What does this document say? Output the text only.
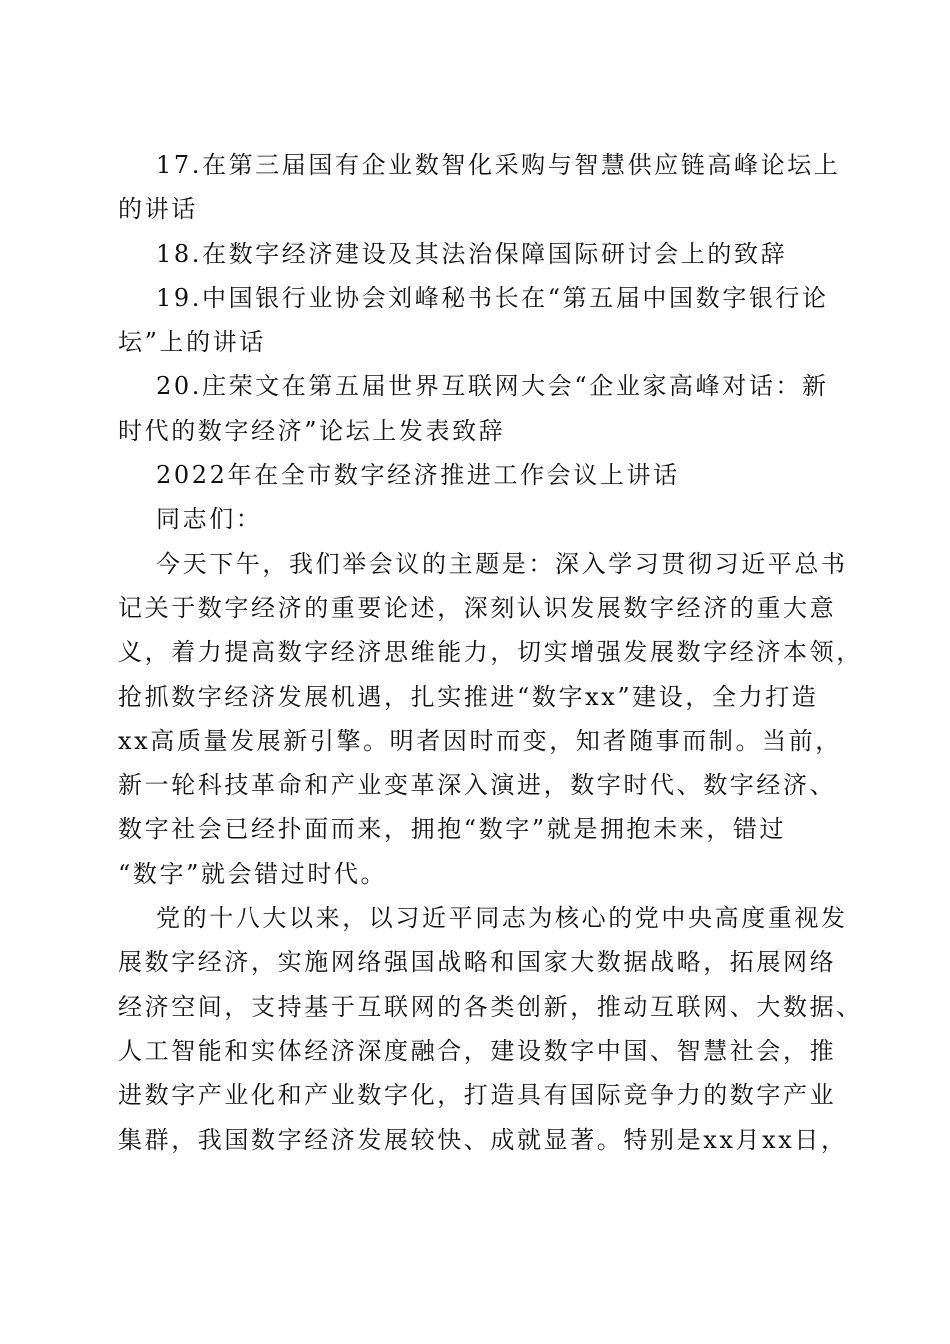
17.在第三届国有企业数智化采购与智慧供应链高峰论坛上
的讲话
18.在数字经济建设及其法治保障国际研讨会上的致辞
19.中国银行业协会刘峰秘书长在“第五届中国数字银行论
坛”上的讲话
20.庄荣文在第五届世界互联网大会“企业家高峰对话：新
时代的数字经济”论坛上发表致辞
2022年在全市数字经济推进工作会议上讲话
同志们：
今天下午，我们举会议的主题是：深入学习贯彻习近平总书
记关于数字经济的重要论述，深刻认识发展数字经济的重大意
义，着力提高数字经济思维能力，切实增强发展数字经济本领，
抢抓数字经济发展机遇，扎实推进“数字xx”建设，全力打造
xx高质量发展新引擎。明者因时而变，知者随事而制。当前，
新一轮科技革命和产业变革深入演进，数字时代、数字经济、
数字社会已经扑面而来，拥抱“数字”就是拥抱未来，错过
“数字”就会错过时代。
党的十八大以来，以习近平同志为核心的党中央高度重视发
展数字经济，实施网络强国战略和国家大数据战略，拓展网络
经济空间，支持基于互联网的各类创新，推动互联网、大数据、
人工智能和实体经济深度融合，建设数字中国、智慧社会，推
进数字产业化和产业数字化，打造具有国际竞争力的数字产业
集群，我国数字经济发展较快、成就显著。特别是xx月xx日，
